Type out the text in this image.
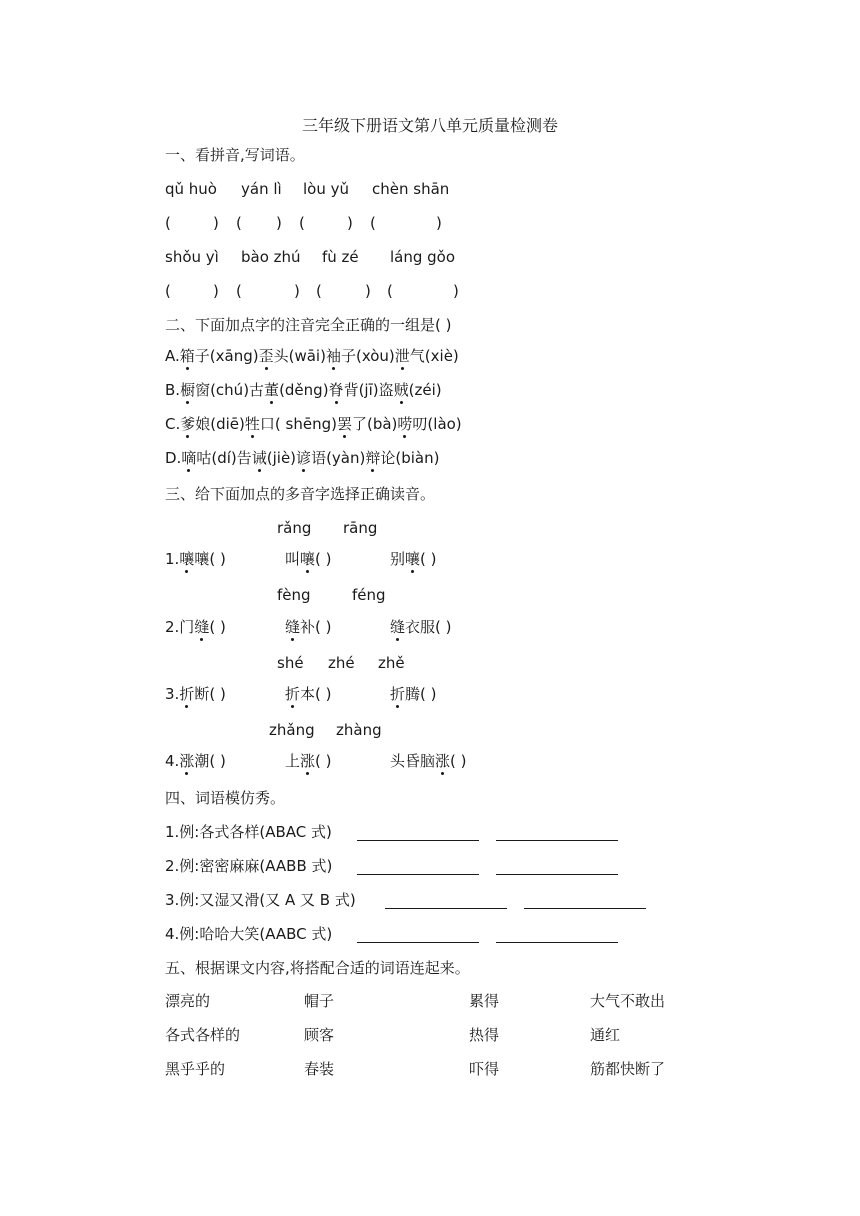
三年级下册语文第八单元质量检测卷
一、看拼音,写词语。
qǔ huò yán lì lòu yǔ chèn shān
(	) ( ) (	) (	)
shǒu yì bào zhú fù zé láng gǒo
(	) (	) (	) (	)
二、下面加点字的注音完全正确的一组是( )
A.箱子(xāng)歪头(wāi)袖子(xòu)泄气(xiè)
B.橱窗(chú)古董(děng)脊背(jī)盗贼(zéi)
C.爹娘(diē)牲口( shēng)罢了(bà)唠叨(lào)
D.嘀咕(dí)告诫(jiè)谚语(yàn)辩论(biàn)
三、给下面加点的多音字选择正确读音。
rǎng rāng
1.嚷嚷( )	叫嚷( )	别嚷( )
fèng	féng
2.门缝( )	缝补( )	缝衣服( )
shé zhé zhě
3.折断( )	折本( )	折腾( )
zhǎng zhàng
4.涨潮( )	上涨( )	头昏脑涨( )
四、词语模仿秀。
1.例:各式各样(ABAC 式)
2.例:密密麻麻(AABB 式)
3.例:又湿又滑(又 A 又 B 式)
4.例:哈哈大笑(AABC 式)
五、根据课文内容,将搭配合适的词语连起来。
漂亮的	帽子	累得	大气不敢出
各式各样的	顾客	热得	通红
黑乎乎的	春装	吓得	筋都快断了
